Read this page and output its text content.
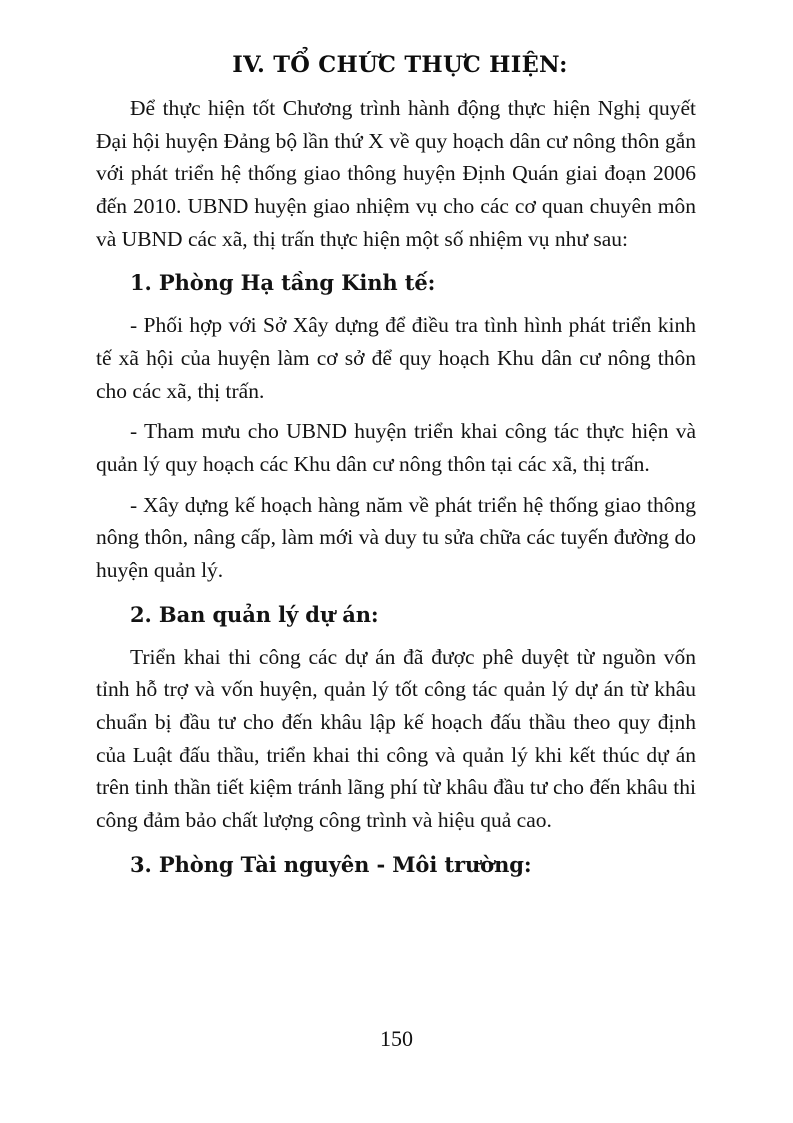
IV. TỔ CHỨC THỰC HIỆN:

Để thực hiện tốt Chương trình hành động thực hiện Nghị quyết Đại hội huyện Đảng bộ lần thứ X về quy hoạch dân cư nông thôn gắn với phát triển hệ thống giao thông huyện Định Quán giai đoạn 2006 đến 2010. UBND huyện giao nhiệm vụ cho các cơ quan chuyên môn và UBND các xã, thị trấn thực hiện một số nhiệm vụ như sau:

1. Phòng Hạ tầng Kinh tế:

- Phối hợp với Sở Xây dựng để điều tra tình hình phát triển kinh tế xã hội của huyện làm cơ sở để quy hoạch Khu dân cư nông thôn cho các xã, thị trấn.

- Tham mưu cho UBND huyện triển khai công tác thực hiện và quản lý quy hoạch các Khu dân cư nông thôn tại các xã, thị trấn.

- Xây dựng kế hoạch hàng năm về phát triển hệ thống giao thông nông thôn, nâng cấp, làm mới và duy tu sửa chữa các tuyến đường do huyện quản lý.

2. Ban quản lý dự án:

Triển khai thi công các dự án đã được phê duyệt từ nguồn vốn tỉnh hỗ trợ và vốn huyện, quản lý tốt công tác quản lý dự án từ khâu chuẩn bị đầu tư cho đến khâu lập kế hoạch đấu thầu theo quy định của Luật đấu thầu, triển khai thi công và quản lý khi kết thúc dự án trên tinh thần tiết kiệm tránh lãng phí từ khâu đầu tư cho đến khâu thi công đảm bảo chất lượng công trình và hiệu quả cao.

3. Phòng Tài nguyên - Môi trường:

150
